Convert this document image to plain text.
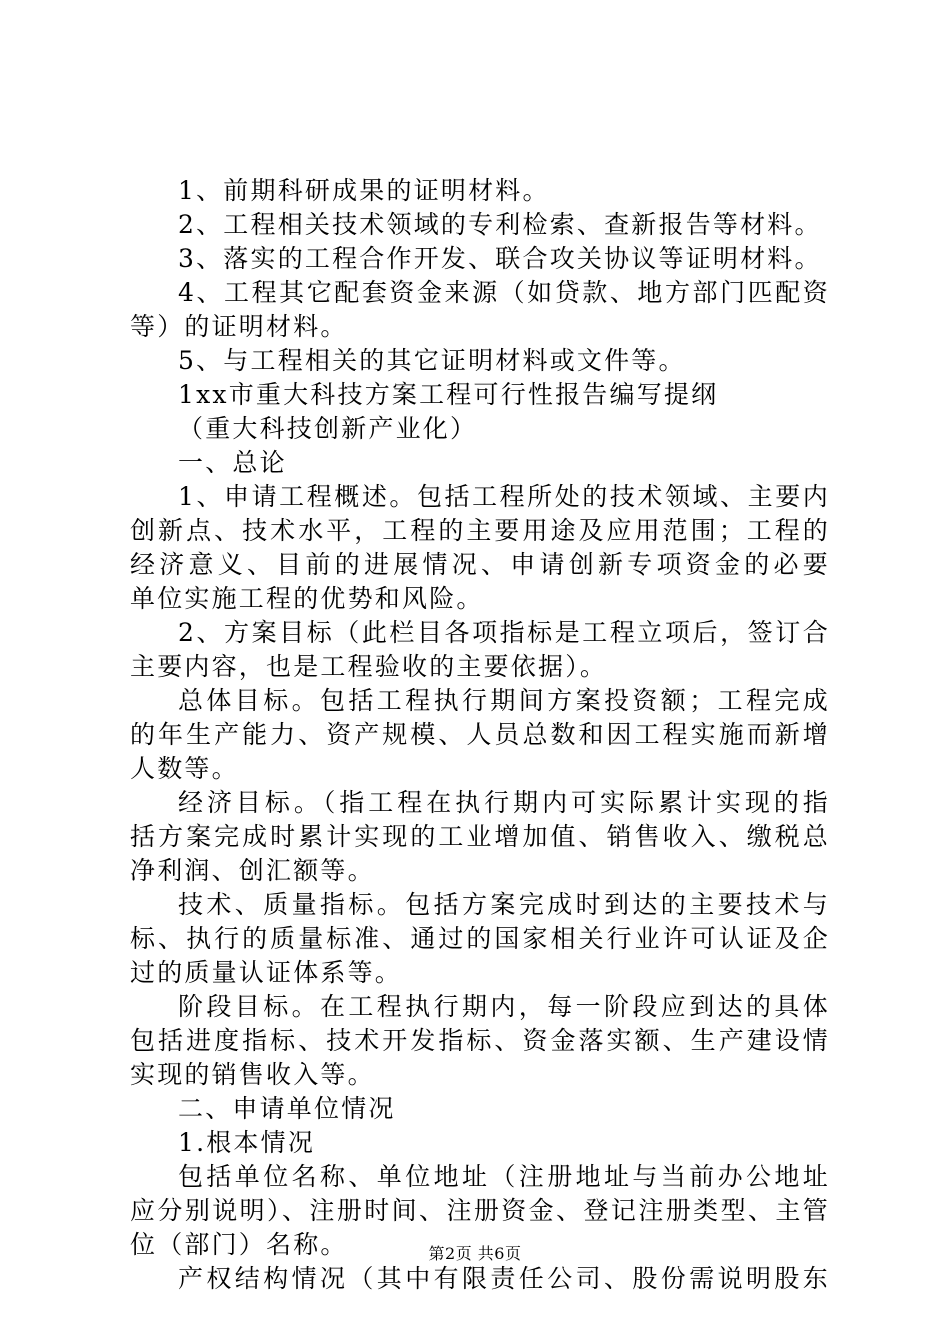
1、前期科研成果的证明材料。

2、工程相关技术领域的专利检索、查新报告等材料。

3、落实的工程合作开发、联合攻关协议等证明材料。

4、工程其它配套资金来源（如贷款、地方部门匹配资

等）的证明材料。

5、与工程相关的其它证明材料或文件等。

1xx市重大科技方案工程可行性报告编写提纲

（重大科技创新产业化）

一、总论

1、申请工程概述。包括工程所处的技术领域、主要内

创新点、技术水平，工程的主要用途及应用范围；工程的

经济意义、目前的进展情况、申请创新专项资金的必要

单位实施工程的优势和风险。

2、方案目标（此栏目各项指标是工程立项后，签订合

主要内容，也是工程验收的主要依据）。

总体目标。包括工程执行期间方案投资额；工程完成

的年生产能力、资产规模、人员总数和因工程实施而新增

人数等。

经济目标。（指工程在执行期内可实际累计实现的指

括方案完成时累计实现的工业增加值、销售收入、缴税总

净利润、创汇额等。

技术、质量指标。包括方案完成时到达的主要技术与

标、执行的质量标准、通过的国家相关行业许可认证及企

过的质量认证体系等。

阶段目标。在工程执行期内，每一阶段应到达的具体

包括进度指标、技术开发指标、资金落实额、生产建设情

实现的销售收入等。

二、申请单位情况

1.根本情况

包括单位名称、单位地址（注册地址与当前办公地址

应分别说明）、注册时间、注册资金、登记注册类型、主管

位（部门）名称。

产权结构情况（其中有限责任公司、股份需说明股东

第2页 共6页
